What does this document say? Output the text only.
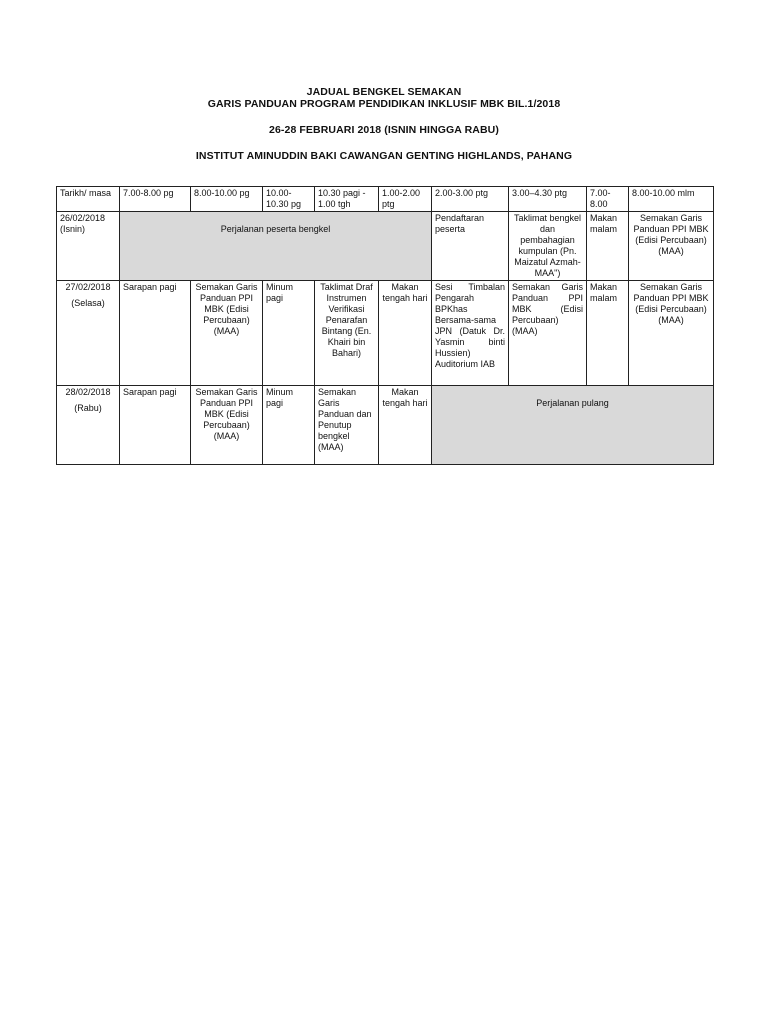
JADUAL BENGKEL SEMAKAN
GARIS PANDUAN PROGRAM PENDIDIKAN INKLUSIF MBK BIL.1/2018
26-28 FEBRUARI 2018 (ISNIN HINGGA RABU)
INSTITUT AMINUDDIN BAKI CAWANGAN GENTING HIGHLANDS, PAHANG
Tarikh/ masa	7.00-8.00 pg	8.00-10.00 pg	10.00-10.30 pg	10.30 pagi - 1.00 tgh	1.00-2.00 ptg	2.00-3.00 ptg	3.00–4.30 ptg	7.00-8.00	8.00-10.00 mlm

26/02/2018
(Isnin)	Perjalanan peserta bengkel					Pendaftaran peserta	Taklimat bengkel dan pembahagian kumpulan (Pn. Maizatul Azmah- MAA")	Makan malam	Semakan Garis Panduan PPI MBK (Edisi Percubaan) (MAA)

27/02/2018
(Selasa)	Sarapan pagi	Semakan Garis Panduan PPI MBK (Edisi Percubaan) (MAA)	Minum pagi	Taklimat Draf Instrumen Verifikasi Penarafan Bintang (En. Khairi bin Bahari)	Makan tengah hari	Sesi Timbalan Pengarah BPKhas Bersama-sama JPN (Datuk Dr. Yasmin binti Hussien) Auditorium IAB	Semakan Garis Panduan PPI MBK (Edisi Percubaan) (MAA)	Makan malam	Semakan Garis Panduan PPI MBK (Edisi Percubaan) (MAA)

28/02/2018
(Rabu)	Sarapan pagi	Semakan Garis Panduan PPI MBK (Edisi Percubaan) (MAA)	Minum pagi	Semakan Garis Panduan dan Penutup bengkel (MAA)	Makan tengah hari	Perjalanan pulang			
